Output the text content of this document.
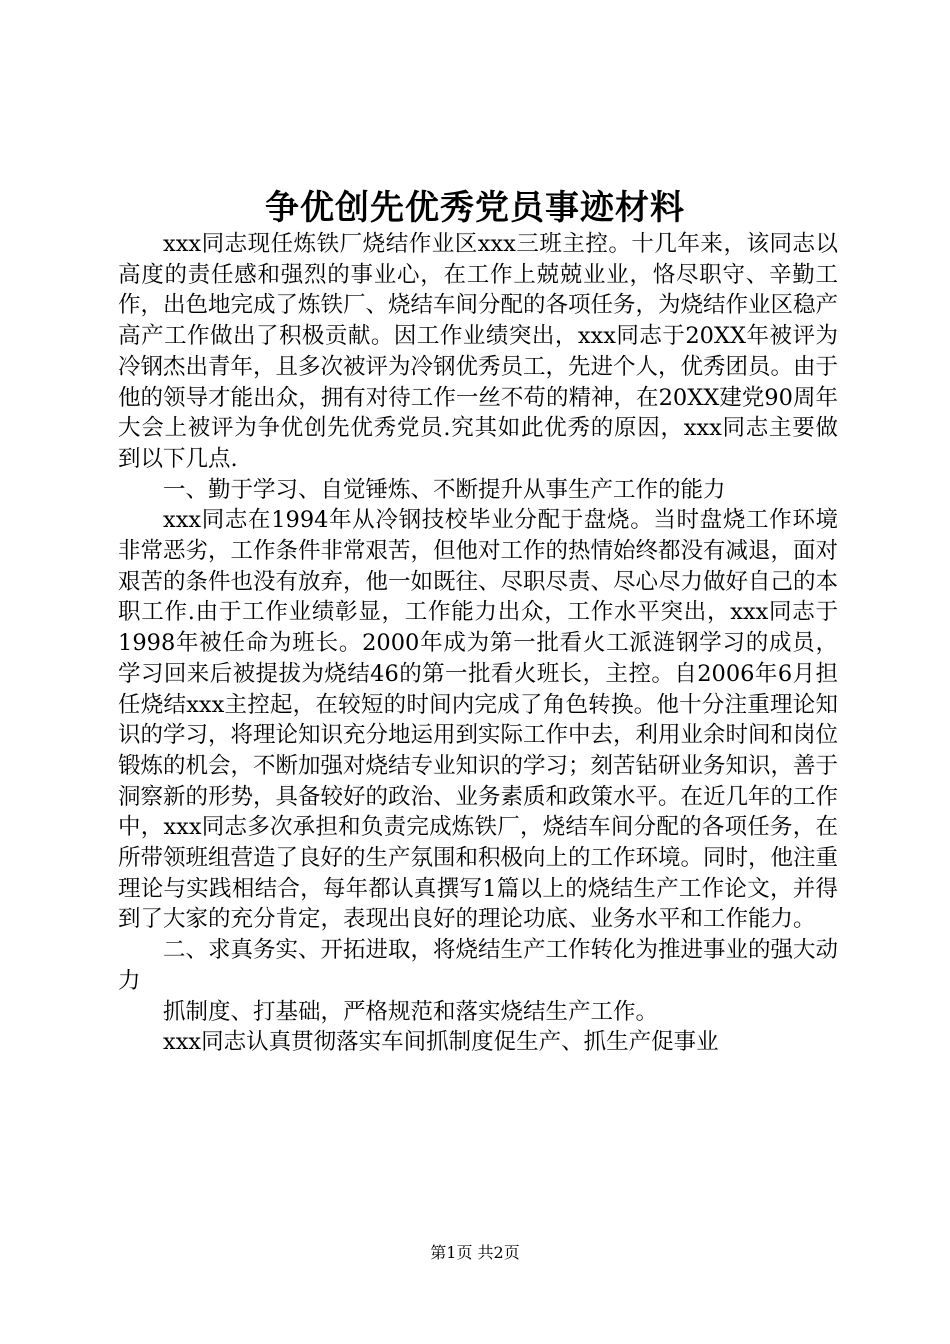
争优创先优秀党员事迹材料

xxx同志现任炼铁厂烧结作业区xxx三班主控。十几年来，该同志以高度的责任感和强烈的事业心，在工作上兢兢业业，恪尽职守、辛勤工作，出色地完成了炼铁厂、烧结车间分配的各项任务，为烧结作业区稳产高产工作做出了积极贡献。因工作业绩突出，xxx同志于20XX年被评为冷钢杰出青年，且多次被评为冷钢优秀员工，先进个人，优秀团员。由于他的领导才能出众，拥有对待工作一丝不苟的精神，在20XX建党90周年大会上被评为争优创先优秀党员.究其如此优秀的原因，xxx同志主要做到以下几点.

一、勤于学习、自觉锤炼、不断提升从事生产工作的能力

xxx同志在1994年从冷钢技校毕业分配于盘烧。当时盘烧工作环境非常恶劣，工作条件非常艰苦，但他对工作的热情始终都没有减退，面对艰苦的条件也没有放弃，他一如既往、尽职尽责、尽心尽力做好自己的本职工作.由于工作业绩彰显，工作能力出众，工作水平突出，xxx同志于1998年被任命为班长。2000年成为第一批看火工派涟钢学习的成员，学习回来后被提拔为烧结46的第一批看火班长，主控。自2006年6月担任烧结xxx主控起，在较短的时间内完成了角色转换。他十分注重理论知识的学习，将理论知识充分地运用到实际工作中去，利用业余时间和岗位锻炼的机会，不断加强对烧结专业知识的学习；刻苦钻研业务知识，善于洞察新的形势，具备较好的政治、业务素质和政策水平。在近几年的工作中，xxx同志多次承担和负责完成炼铁厂，烧结车间分配的各项任务，在所带领班组营造了良好的生产氛围和积极向上的工作环境。同时，他注重理论与实践相结合，每年都认真撰写1篇以上的烧结生产工作论文，并得到了大家的充分肯定，表现出良好的理论功底、业务水平和工作能力。

二、求真务实、开拓进取，将烧结生产工作转化为推进事业的强大动力

抓制度、打基础，严格规范和落实烧结生产工作。

xxx同志认真贯彻落实车间抓制度促生产、抓生产促事业

第1页 共2页
